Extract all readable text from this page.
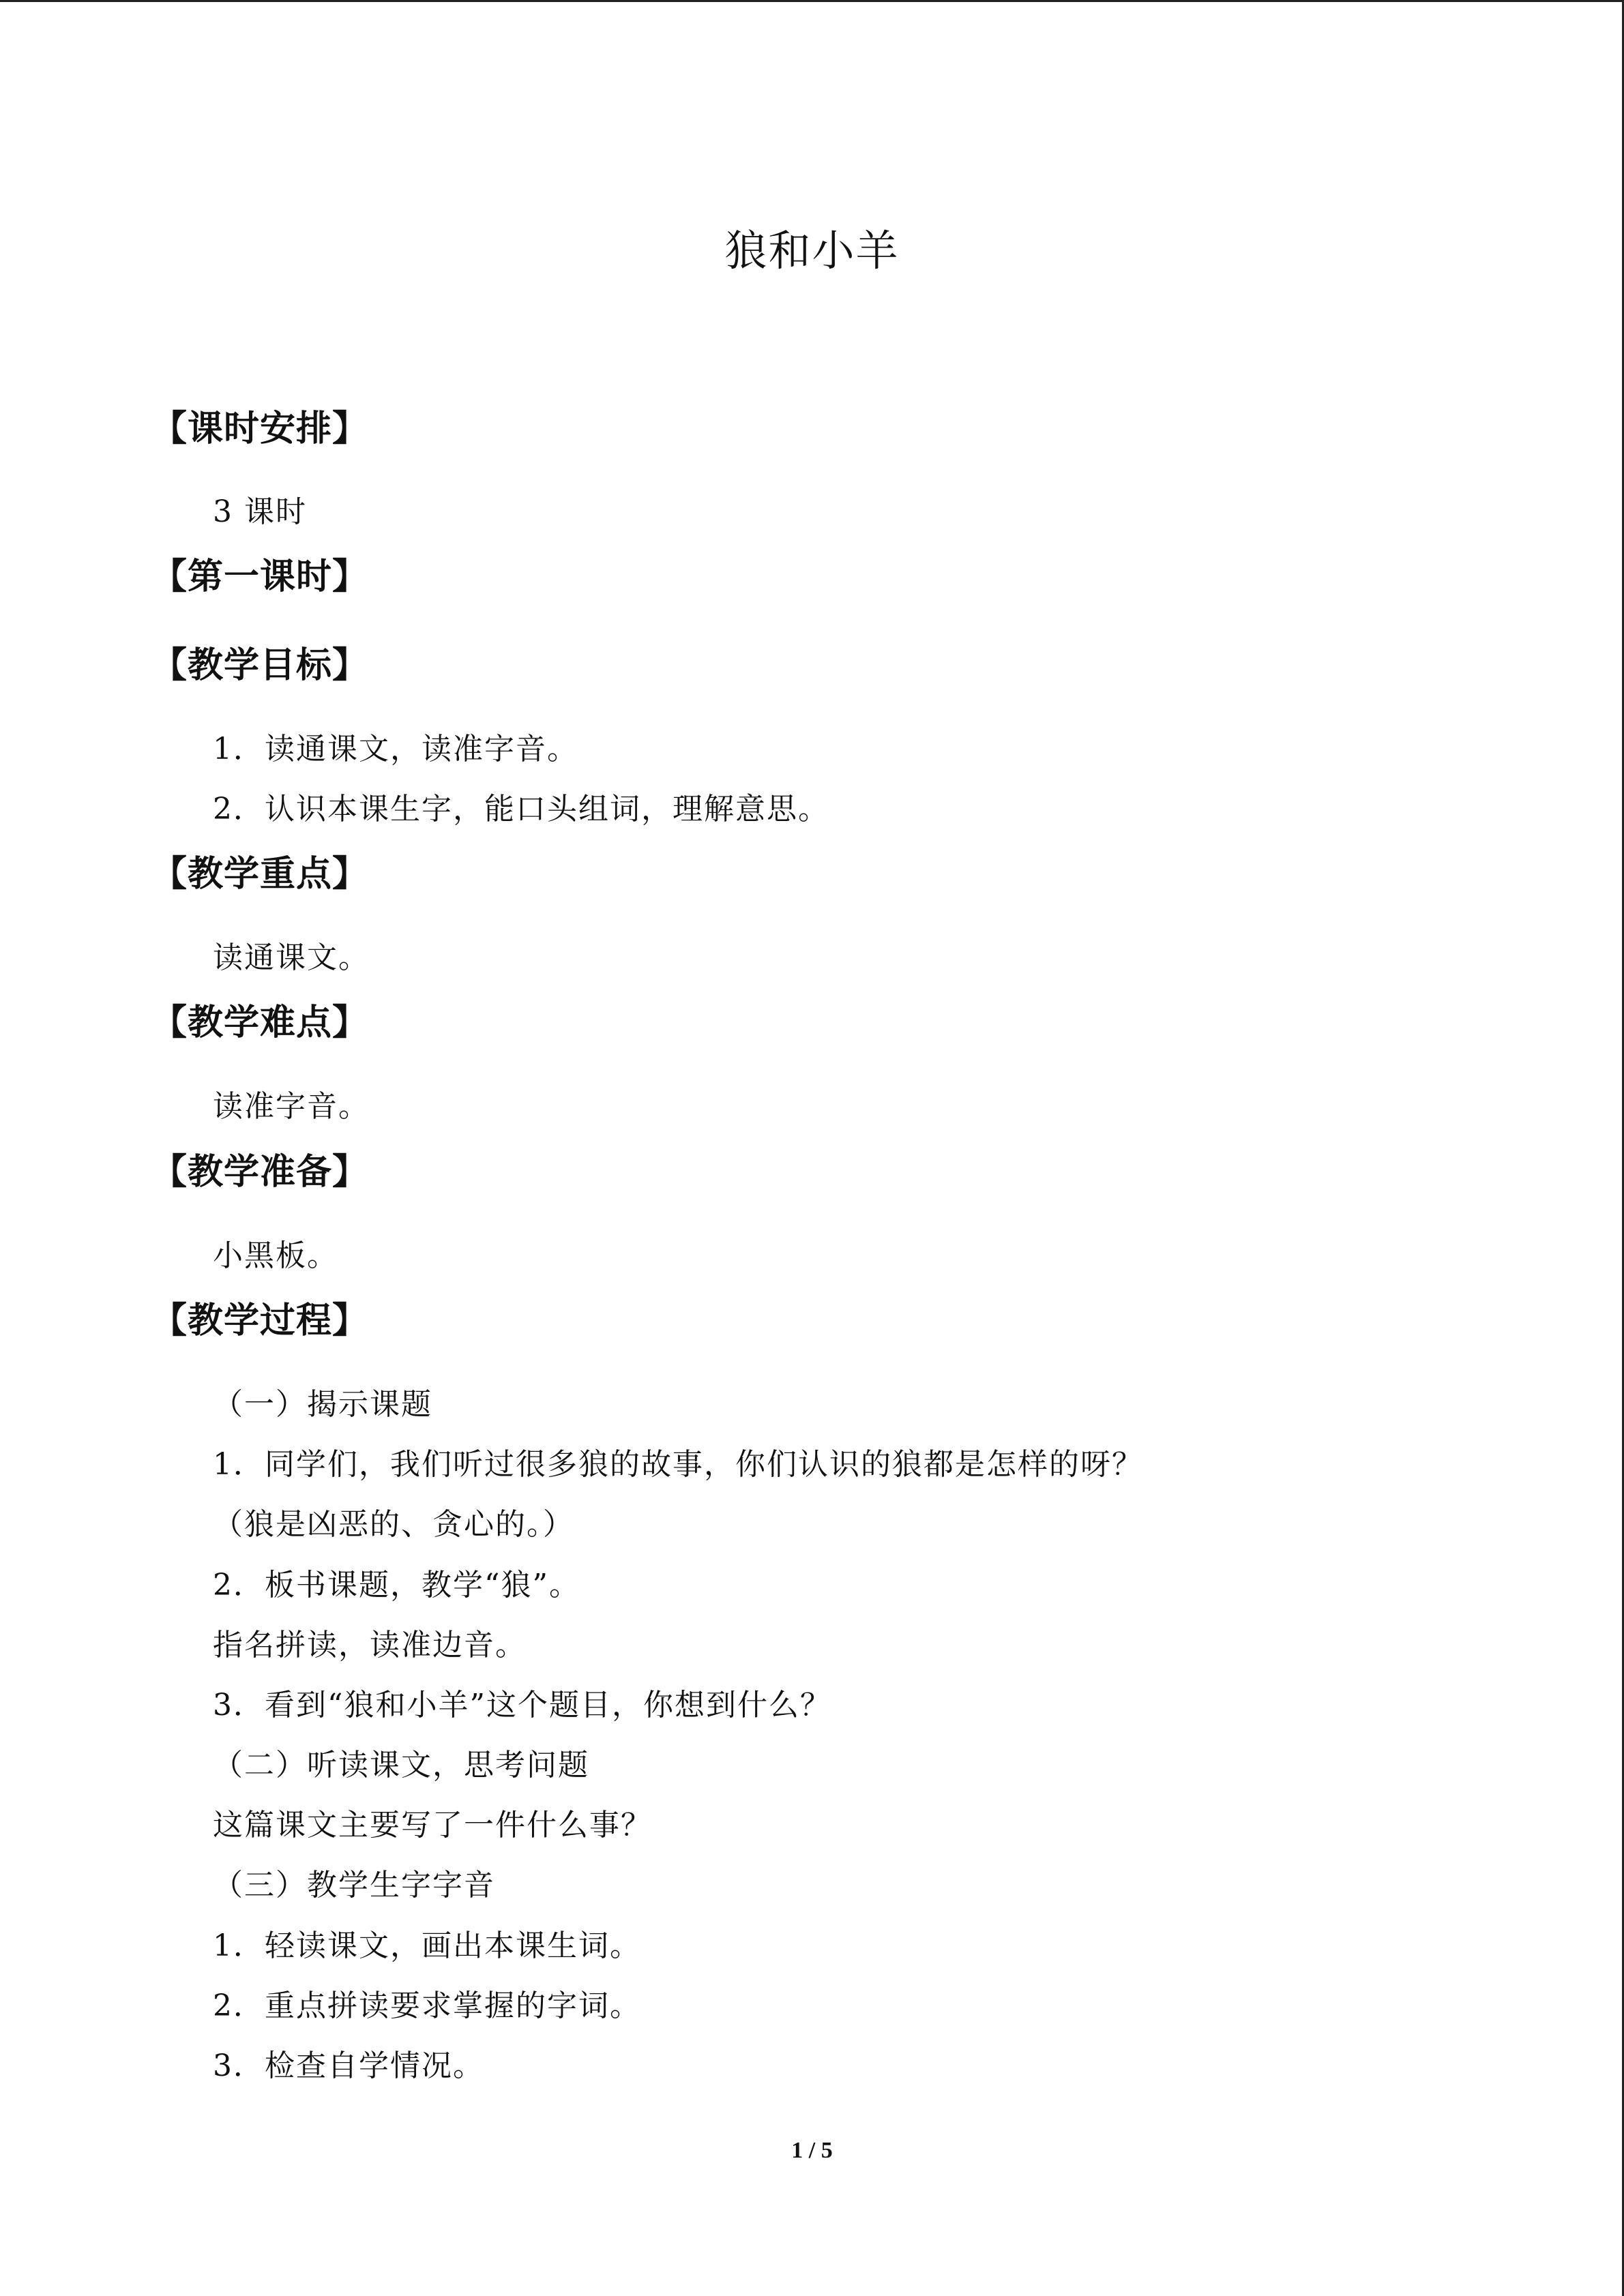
狼和小羊
【课时安排】
3 课时
【第一课时】
【教学目标】
1．读通课文，读准字音。
2．认识本课生字，能口头组词，理解意思。
【教学重点】
读通课文。
【教学难点】
读准字音。
【教学准备】
小黑板。
【教学过程】
（一）揭示课题
1．同学们，我们听过很多狼的故事，你们认识的狼都是怎样的呀？
（狼是凶恶的、贪心的。）
2．板书课题，教学“狼”。
指名拼读，读准边音。
3．看到“狼和小羊”这个题目，你想到什么？
（二）听读课文，思考问题
这篇课文主要写了一件什么事？
（三）教学生字字音
1．轻读课文，画出本课生词。
2．重点拼读要求掌握的字词。
3．检查自学情况。
1 / 5
